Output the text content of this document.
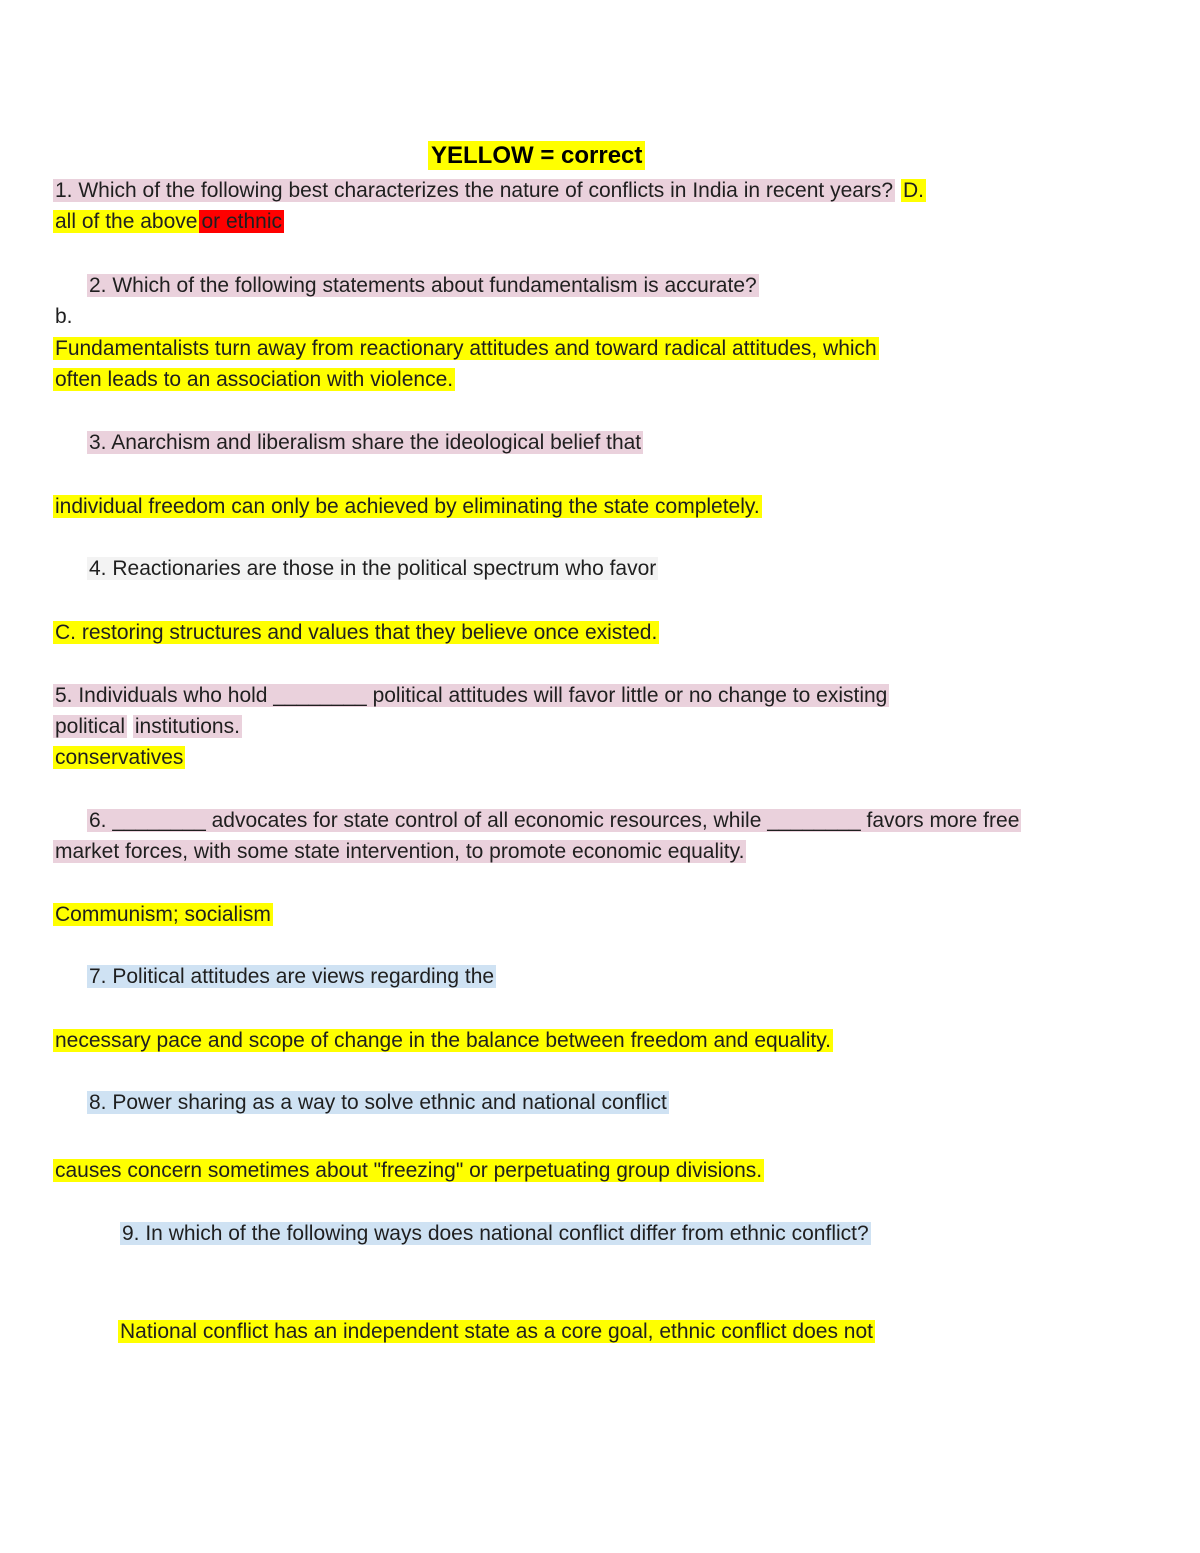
YELLOW = correct
1. Which of the following best characterizes the nature of conflicts in India in recent years? D.
all of the above or ethnic
2. Which of the following statements about fundamentalism is accurate?
b.
Fundamentalists turn away from reactionary attitudes and toward radical attitudes, which
often leads to an association with violence.
3. Anarchism and liberalism share the ideological belief that
individual freedom can only be achieved by eliminating the state completely.
4. Reactionaries are those in the political spectrum who favor
C. restoring structures and values that they believe once existed.
5. Individuals who hold ________ political attitudes will favor little or no change to existing
political institutions.
conservatives
6. ________ advocates for state control of all economic resources, while ________ favors more free
market forces, with some state intervention, to promote economic equality.
Communism; socialism
7. Political attitudes are views regarding the
necessary pace and scope of change in the balance between freedom and equality.
8. Power sharing as a way to solve ethnic and national conflict
causes concern sometimes about "freezing" or perpetuating group divisions.
9. In which of the following ways does national conflict differ from ethnic conflict?
National conflict has an independent state as a core goal, ethnic conflict does not
